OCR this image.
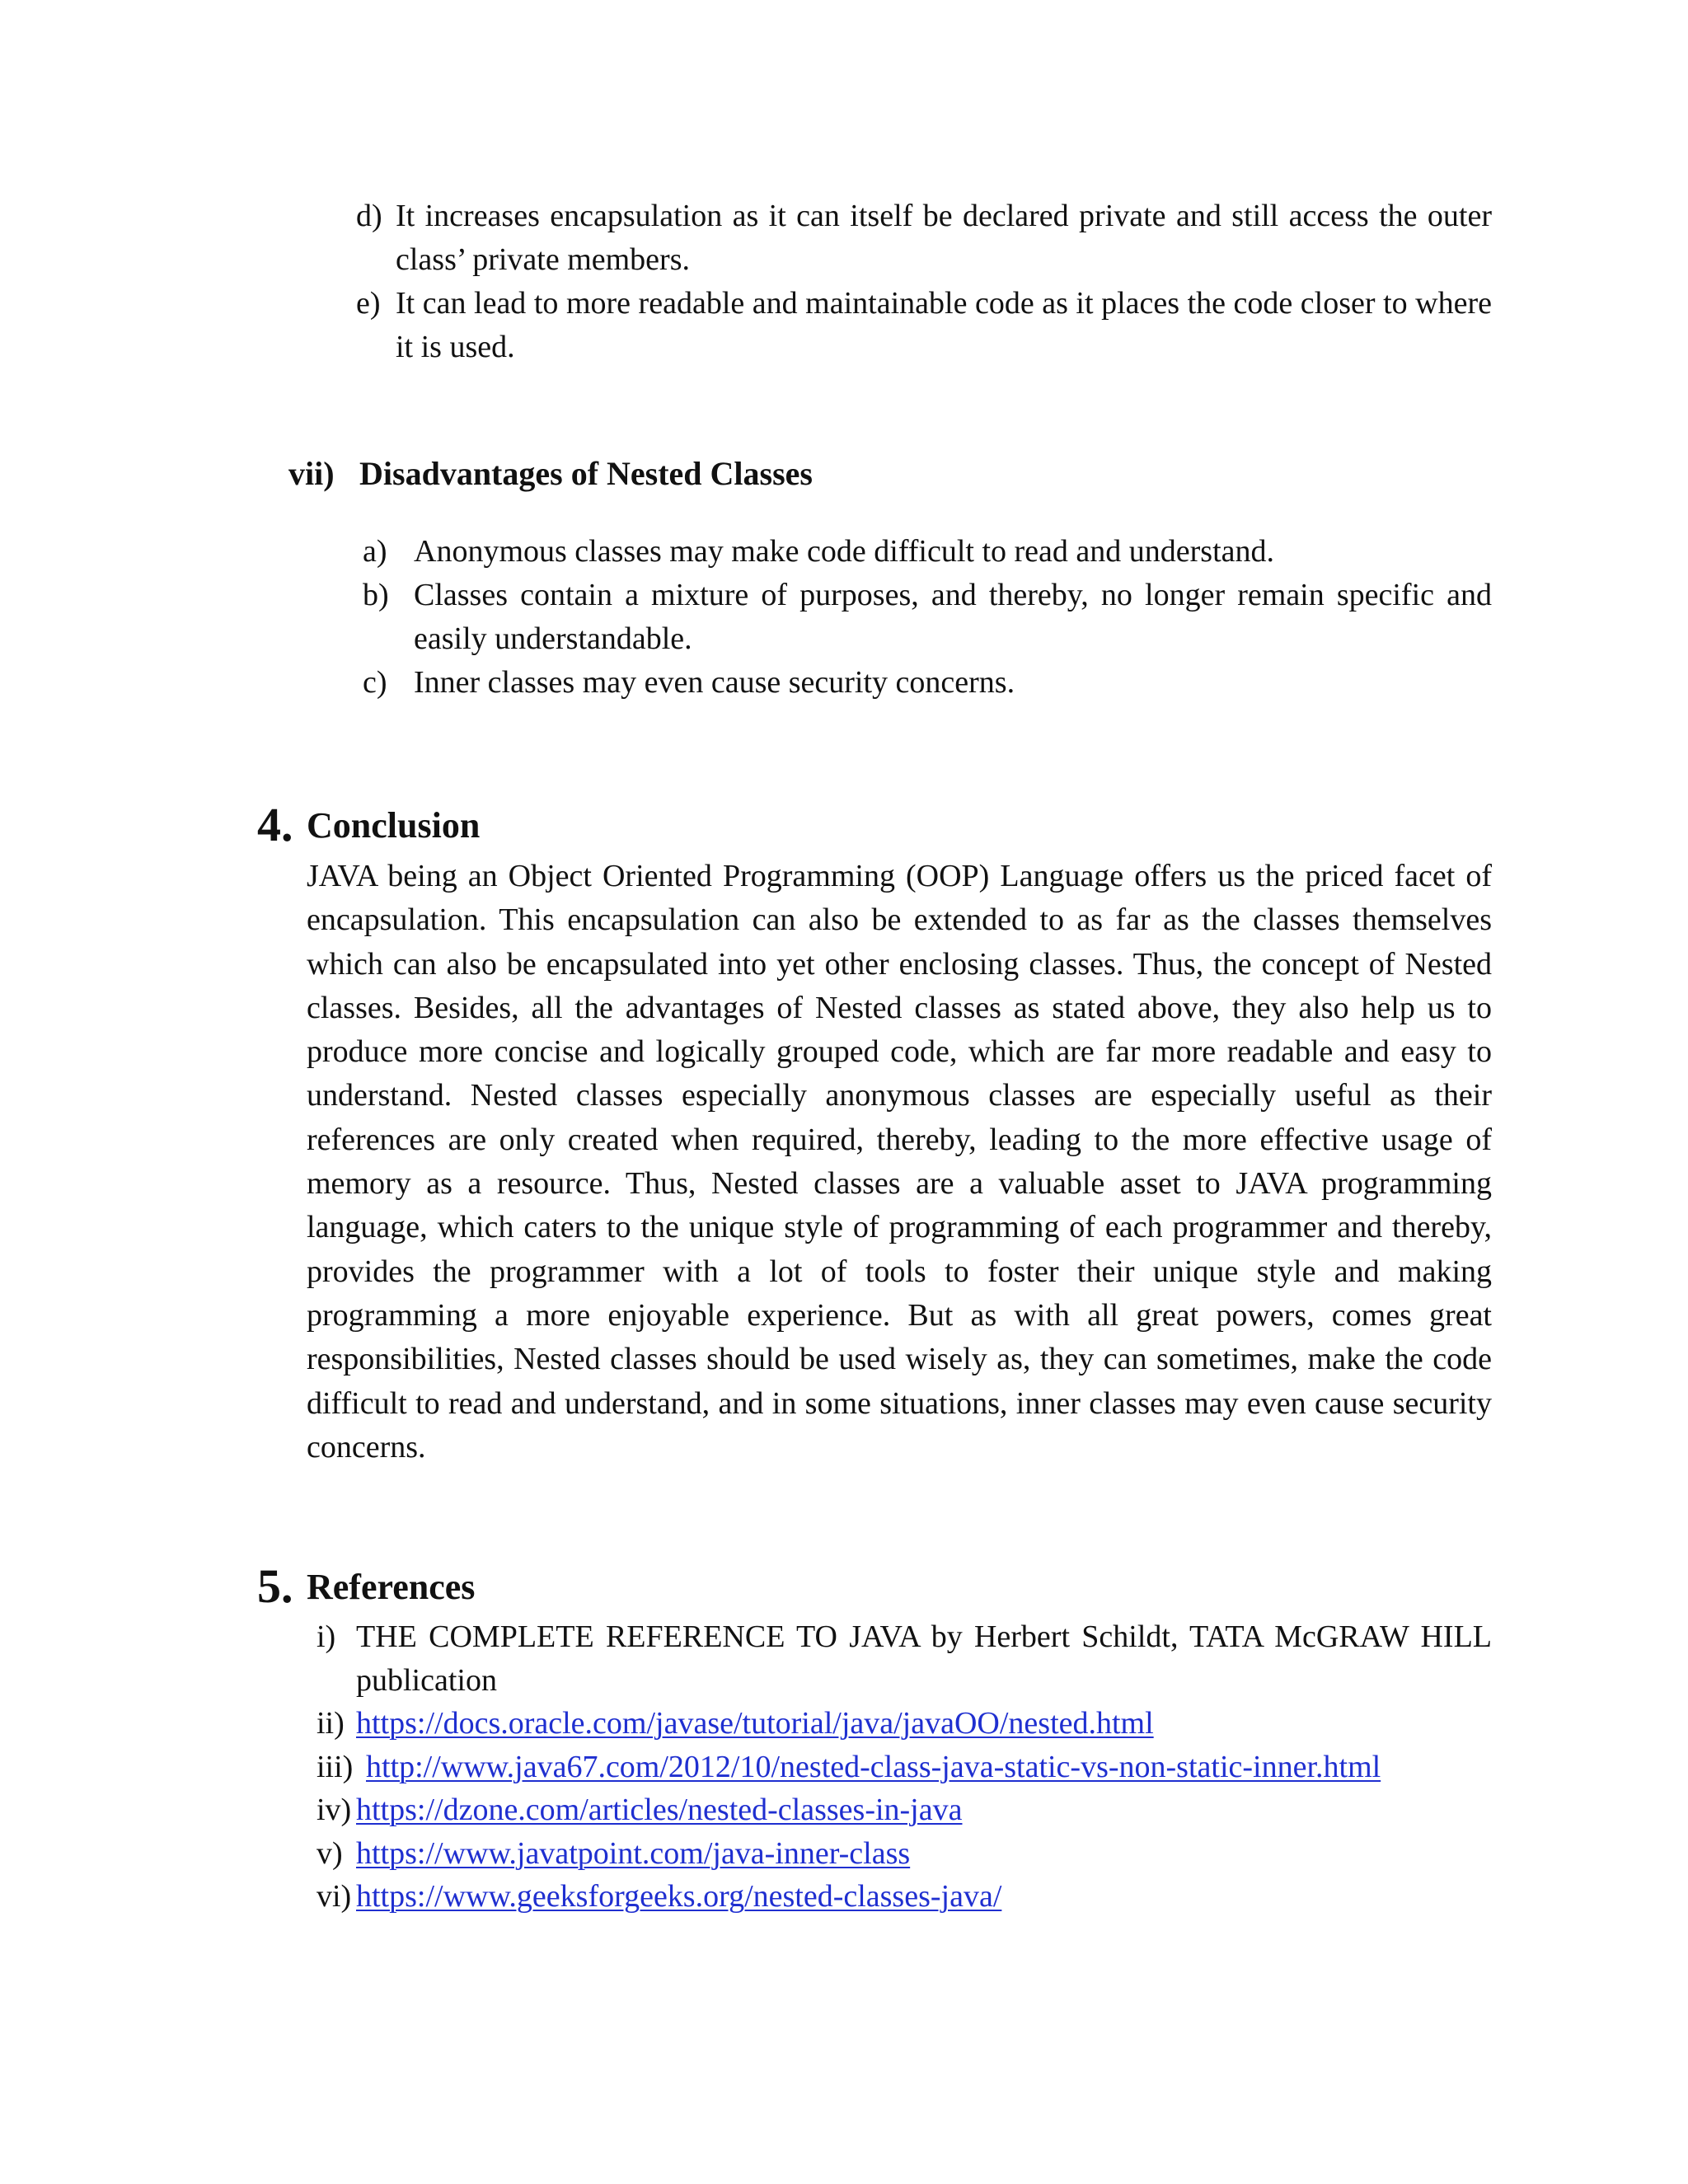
d) It increases encapsulation as it can itself be declared private and still access the outer class’ private members.
e) It can lead to more readable and maintainable code as it places the code closer to where it is used.
vii) Disadvantages of Nested Classes
a) Anonymous classes may make code difficult to read and understand.
b) Classes contain a mixture of purposes, and thereby, no longer remain specific and easily understandable.
c) Inner classes may even cause security concerns.
4. Conclusion
JAVA being an Object Oriented Programming (OOP) Language offers us the priced facet of encapsulation. This encapsulation can also be extended to as far as the classes themselves which can also be encapsulated into yet other enclosing classes. Thus, the concept of Nested classes. Besides, all the advantages of Nested classes as stated above, they also help us to produce more concise and logically grouped code, which are far more readable and easy to understand. Nested classes especially anonymous classes are especially useful as their references are only created when required, thereby, leading to the more effective usage of memory as a resource. Thus, Nested classes are a valuable asset to JAVA programming language, which caters to the unique style of programming of each programmer and thereby, provides the programmer with a lot of tools to foster their unique style and making programming a more enjoyable experience. But as with all great powers, comes great responsibilities, Nested classes should be used wisely as, they can sometimes, make the code difficult to read and understand, and in some situations, inner classes may even cause security concerns.
5. References
i) THE COMPLETE REFERENCE TO JAVA by Herbert Schildt, TATA McGRAW HILL publication
ii) https://docs.oracle.com/javase/tutorial/java/javaOO/nested.html
iii) http://www.java67.com/2012/10/nested-class-java-static-vs-non-static-inner.html
iv) https://dzone.com/articles/nested-classes-in-java
v) https://www.javatpoint.com/java-inner-class
vi) https://www.geeksforgeeks.org/nested-classes-java/
